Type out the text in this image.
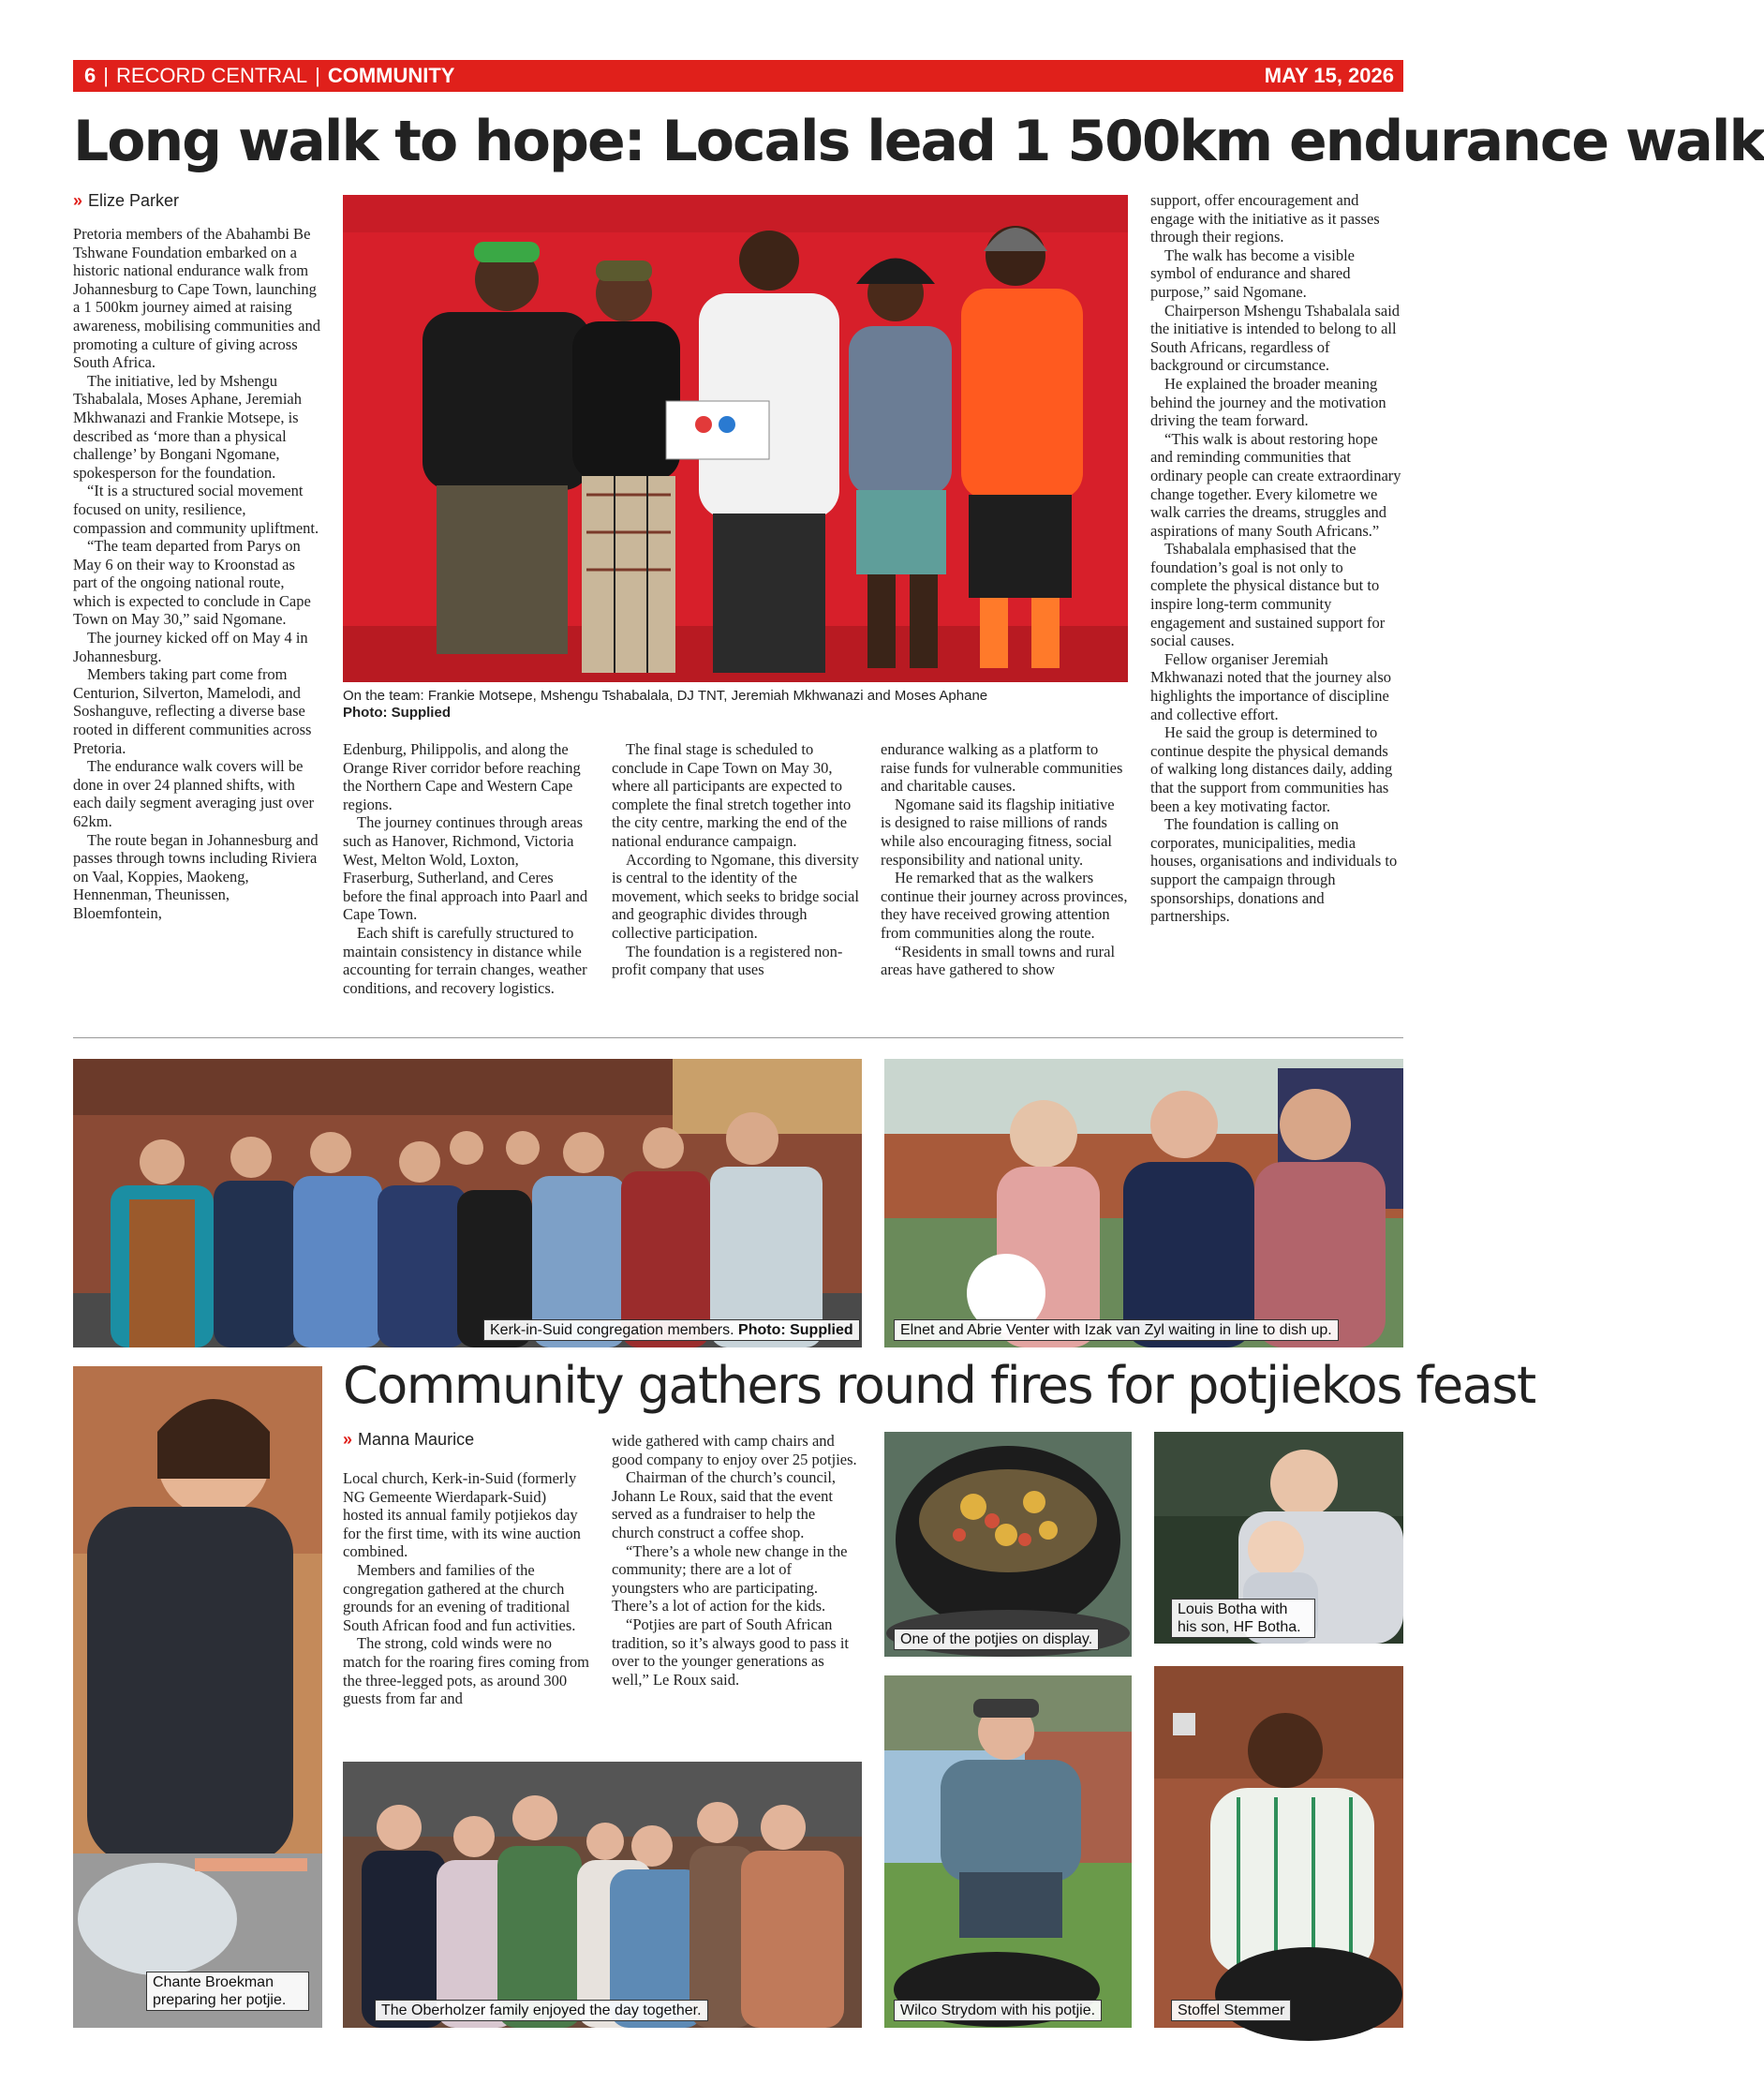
6 | RECORD CENTRAL | COMMUNITY	MAY 15, 2026
Long walk to hope: Locals lead 1 500km endurance walk
» Elize Parker

Pretoria members of the Abahambi Be Tshwane Foundation embarked on a historic national endurance walk from Johannesburg to Cape Town, launching a 1 500km journey aimed at raising awareness, mobilising communities and promoting a culture of giving across South Africa.

The initiative, led by Mshengu Tshabalala, Moses Aphane, Jeremiah Mkhwanazi and Frankie Motsepe, is described as ‘more than a physical challenge’ by Bongani Ngomane, spokesperson for the foundation.

“It is a structured social movement focused on unity, resilience, compassion and community upliftment.

“The team departed from Parys on May 6 on their way to Kroonstad as part of the ongoing national route, which is expected to conclude in Cape Town on May 30,” said Ngomane.

The journey kicked off on May 4 in Johannesburg.

Members taking part come from Centurion, Silverton, Mamelodi, and Soshanguve, reflecting a diverse base rooted in different communities across Pretoria.

The endurance walk covers will be done in over 24 planned shifts, with each daily segment averaging just over 62km.

The route began in Johannesburg and passes through towns including Riviera on Vaal, Koppies, Maokeng, Hennenman, Theunissen, Bloemfontein,

On the team: Frankie Motsepe, Mshengu Tshabalala, DJ TNT, Jeremiah Mkhwanazi and Moses Aphane
Photo: Supplied

Edenburg, Philippolis, and along the Orange River corridor before reaching the Northern Cape and Western Cape regions.

The journey continues through areas such as Hanover, Richmond, Victoria West, Melton Wold, Loxton, Fraserburg, Sutherland, and Ceres before the final approach into Paarl and Cape Town.

Each shift is carefully structured to maintain consistency in distance while accounting for terrain changes, weather conditions, and recovery logistics.

The final stage is scheduled to conclude in Cape Town on May 30, where all participants are expected to complete the final stretch together into the city centre, marking the end of the national endurance campaign.

According to Ngomane, this diversity is central to the identity of the movement, which seeks to bridge social and geographic divides through collective participation.

The foundation is a registered non-profit company that uses

endurance walking as a platform to raise funds for vulnerable communities and charitable causes.

Ngomane said its flagship initiative is designed to raise millions of rands while also encouraging fitness, social responsibility and national unity.

He remarked that as the walkers continue their journey across provinces, they have received growing attention from communities along the route.

“Residents in small towns and rural areas have gathered to show

support, offer encouragement and engage with the initiative as it passes through their regions.

The walk has become a visible symbol of endurance and shared purpose,” said Ngomane.

Chairperson Mshengu Tshabalala said the initiative is intended to belong to all South Africans, regardless of background or circumstance.

He explained the broader meaning behind the journey and the motivation driving the team forward.

“This walk is about restoring hope and reminding communities that ordinary people can create extraordinary change together. Every kilometre we walk carries the dreams, struggles and aspirations of many South Africans.”

Tshabalala emphasised that the foundation’s goal is not only to complete the physical distance but to inspire long-term community engagement and sustained support for social causes.

Fellow organiser Jeremiah Mkhwanazi noted that the journey also highlights the importance of discipline and collective effort.

He said the group is determined to continue despite the physical demands of walking long distances daily, adding that the support from communities has been a key motivating factor.

The foundation is calling on corporates, municipalities, media houses, organisations and individuals to support the campaign through sponsorships, donations and partnerships.

Kerk-in-Suid congregation members. Photo: Supplied	Elnet and Abrie Venter with Izak van Zyl waiting in line to dish up.
Chante Broekman preparing her potjie.
Community gathers round fires for potjiekos feast
» Manna Maurice

Local church, Kerk-in-Suid (formerly NG Gemeente Wierdapark-Suid) hosted its annual family potjiekos day for the first time, with its wine auction combined.

Members and families of the congregation gathered at the church grounds for an evening of traditional South African food and fun activities.

The strong, cold winds were no match for the roaring fires coming from the three-legged pots, as around 300 guests from far and

wide gathered with camp chairs and good company to enjoy over 25 potjies.

Chairman of the church’s council, Johann Le Roux, said that the event served as a fundraiser to help the church construct a coffee shop.

“There’s a whole new change in the community; there are a lot of youngsters who are participating. There’s a lot of action for the kids.

“Potjies are part of South African tradition, so it’s always good to pass it over to the younger generations as well,” Le Roux said.

One of the potjies on display.
Louis Botha with his son, HF Botha.
The Oberholzer family enjoyed the day together.	Wilco Strydom with his potjie.	Stoffel Stemmer
